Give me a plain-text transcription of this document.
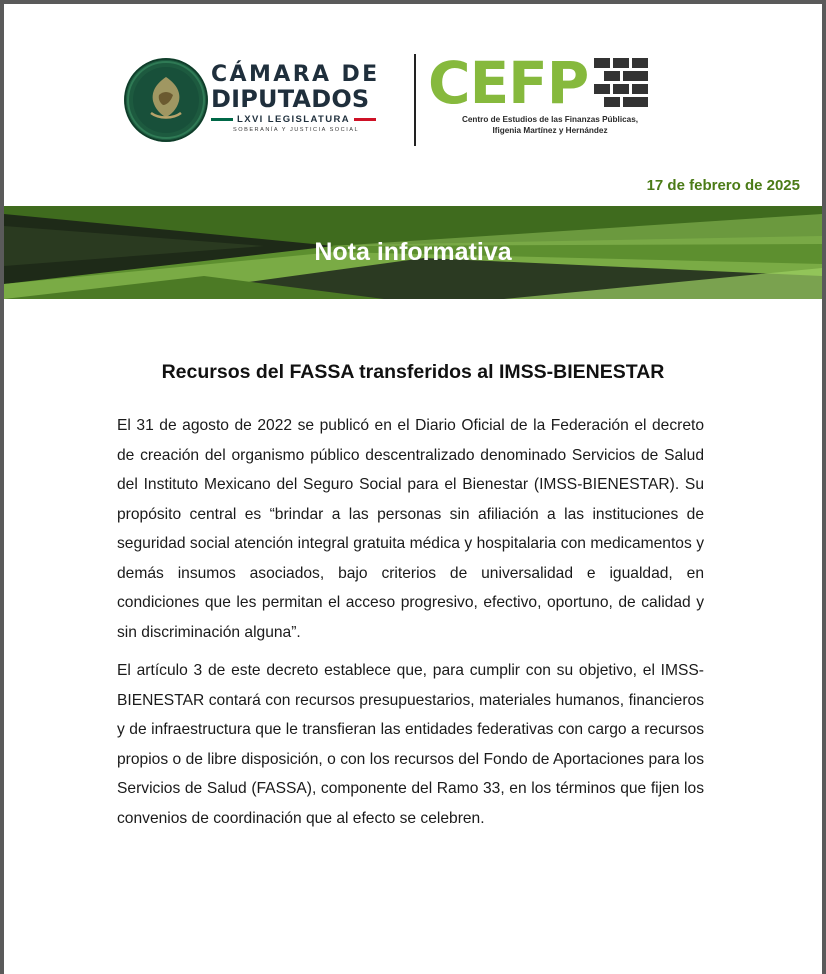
CÁMARA DE
DIPUTADOS
LXVI LEGISLATURA
SOBERANÍA Y JUSTICIA SOCIAL
CEFP
Centro de Estudios de las Finanzas Públicas,
Ifigenia Martínez y Hernández
17 de febrero de 2025
Nota informativa
Recursos del FASSA transferidos al IMSS-BIENESTAR

El 31 de agosto de 2022 se publicó en el Diario Oficial de la Federación el decreto de creación del organismo público descentralizado denominado Servicios de Salud del Instituto Mexicano del Seguro Social para el Bienestar (IMSS-BIENESTAR). Su propósito central es “brindar a las personas sin afiliación a las instituciones de seguridad social atención integral gratuita médica y hospitalaria con medicamentos y demás insumos asociados, bajo criterios de universalidad e igualdad, en condiciones que les permitan el acceso progresivo, efectivo, oportuno, de calidad y sin discriminación alguna”.

El artículo 3 de este decreto establece que, para cumplir con su objetivo, el IMSS-BIENESTAR contará con recursos presupuestarios, materiales humanos, financieros y de infraestructura que le transfieran las entidades federativas con cargo a recursos propios o de libre disposición, o con los recursos del Fondo de Aportaciones para los Servicios de Salud (FASSA), componente del Ramo 33, en los términos que fijen los convenios de coordinación que al efecto se celebren.
